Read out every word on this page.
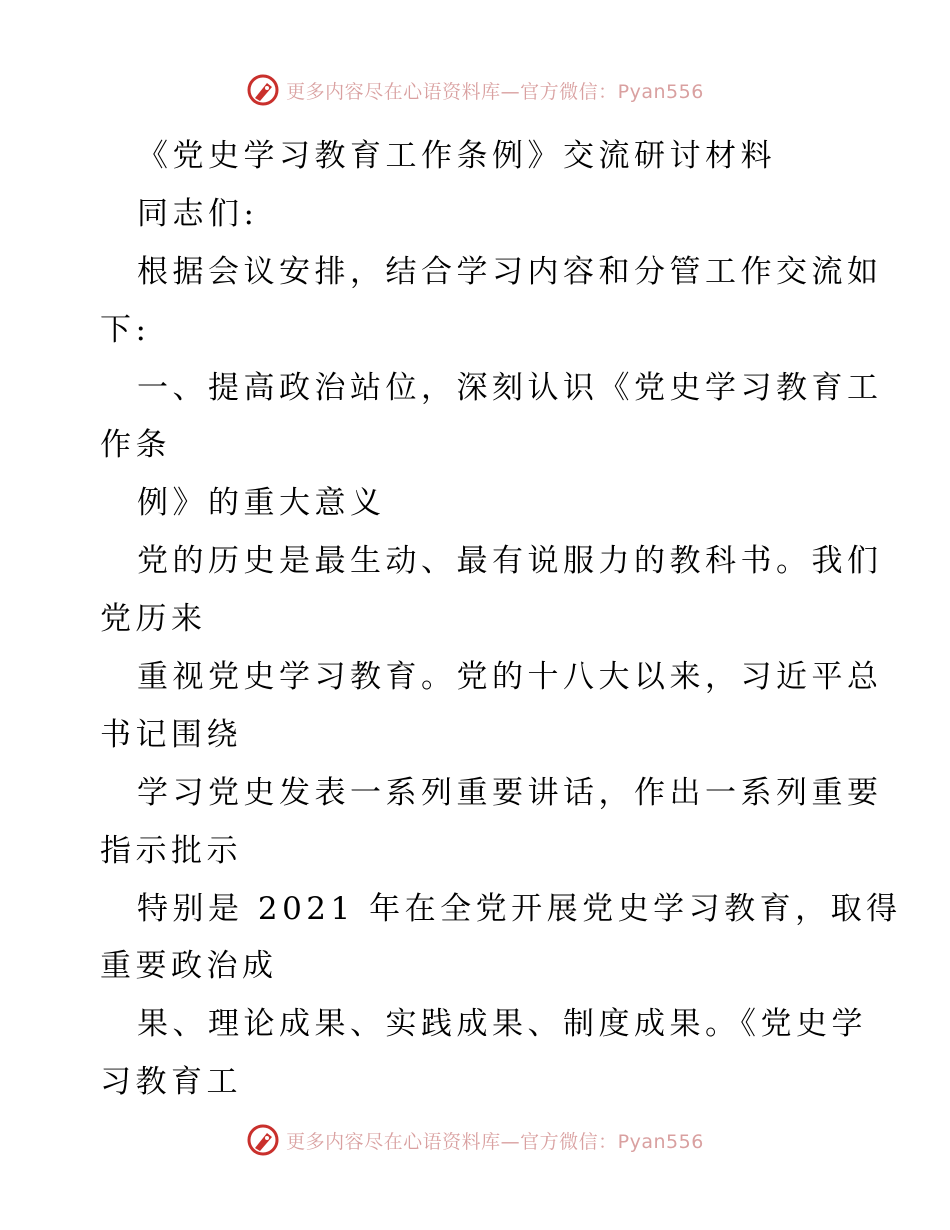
更多内容尽在心语资料库—官方微信：Pyan556
《党史学习教育工作条例》交流研讨材料
同志们:
根据会议安排，结合学习内容和分管工作交流如
下:
一、提高政治站位，深刻认识《党史学习教育工
作条
例》的重大意义
党的历史是最生动、最有说服力的教科书。我们
党历来
重视党史学习教育。党的十八大以来，习近平总
书记围绕
学习党史发表一系列重要讲话，作出一系列重要
指示批示
特别是 2021 年在全党开展党史学习教育，取得
重要政治成
果、理论成果、实践成果、制度成果。《党史学
习教育工
更多内容尽在心语资料库—官方微信：Pyan556
